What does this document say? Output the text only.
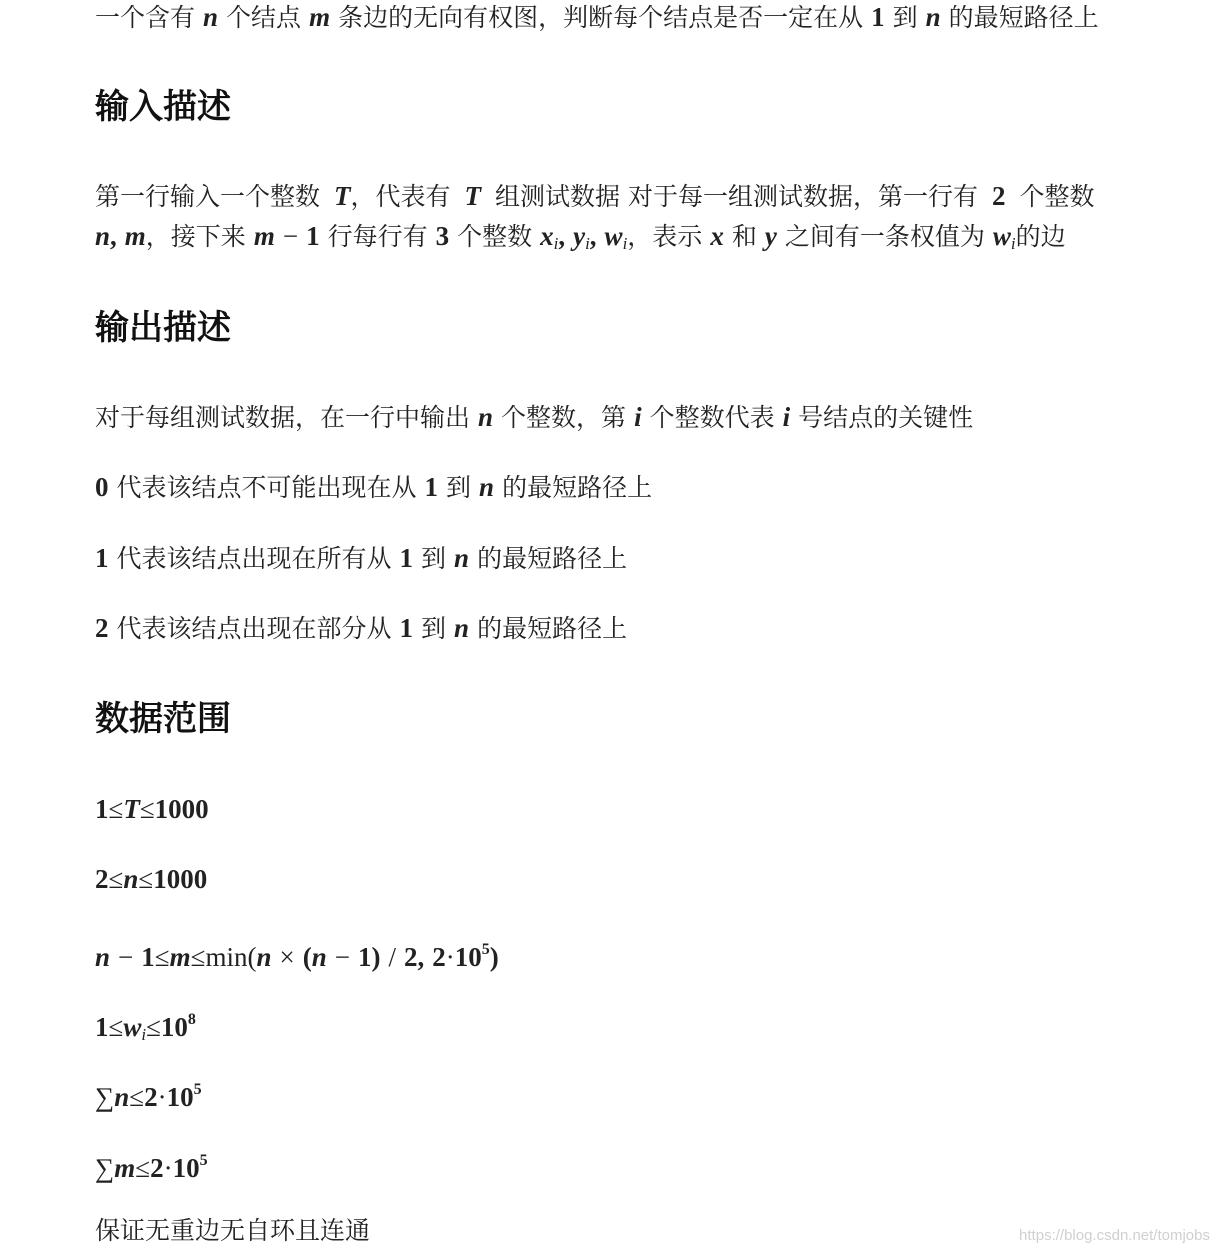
一个含有 n 个结点 m 条边的无向有权图，判断每个结点是否一定在从 1 到 n 的最短路径上
输入描述
第一行输入一个整数 T，代表有 T 组测试数据 对于每一组测试数据，第一行有 2 个整数
n, m，接下来 m − 1 行每行有 3 个整数 $x_i$, $y_i$, $w_i$，表示 x 和 y 之间有一条权值为 $w_i$的边
输出描述
对于每组测试数据，在一行中输出 n 个整数，第 i 个整数代表 i 号结点的关键性
0 代表该结点不可能出现在从 1 到 n 的最短路径上
1 代表该结点出现在所有从 1 到 n 的最短路径上
2 代表该结点出现在部分从 1 到 n 的最短路径上
数据范围
1≤T≤1000
2≤n≤1000
n − 1≤m≤min(n × (n − 1) / 2, $2\cdot 10^5$)
$1\le w_i\le 10^8$
$\sum n\le 2\cdot 10^5$
$\sum m\le 2\cdot 10^5$
保证无重边无自环且连通	https://blog.csdn.net/tomjobs
